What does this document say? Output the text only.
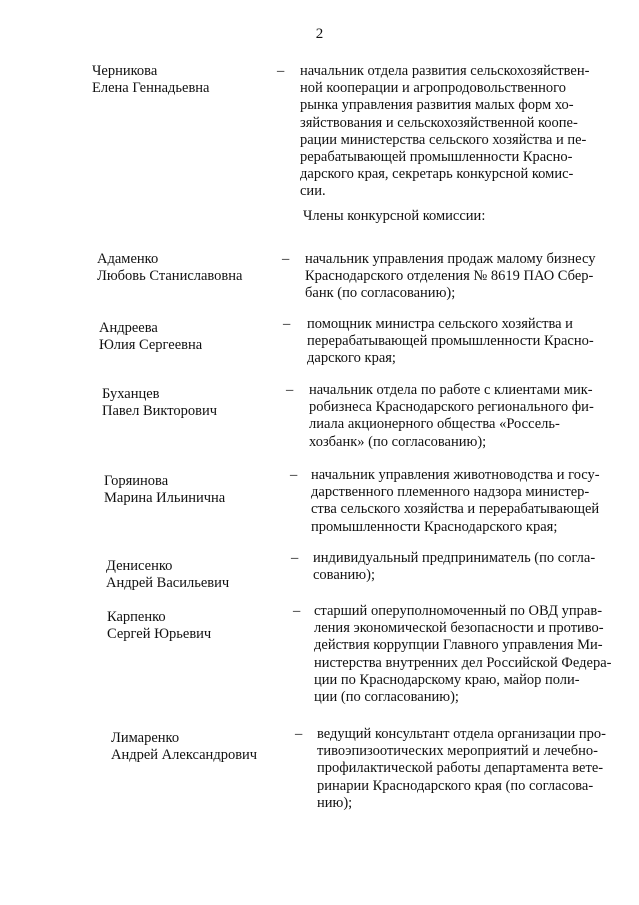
2
Черникова
Елена Геннадьевна
– начальник отдела развития сельскохозяйствен-
ной кооперации и агропродовольственного
рынка управления развития малых форм хо-
зяйствования и сельскохозяйственной коопе-
рации министерства сельского хозяйства и пе-
рерабатывающей промышленности Красно-
дарского края, секретарь конкурсной комис-
сии.
Члены конкурсной комиссии:
Адаменко
Любовь Станиславовна
– начальник управления продаж малому бизнесу
Краснодарского отделения № 8619 ПАО Сбер-
банк (по согласованию);
Андреева
Юлия Сергеевна
– помощник министра сельского хозяйства и
перерабатывающей промышленности Красно-
дарского края;
Буханцев
Павел Викторович
– начальник отдела по работе с клиентами мик-
робизнеса Краснодарского регионального фи-
лиала акционерного общества «Россель-
хозбанк» (по согласованию);
Горяинова
Марина Ильинична
– начальник управления животноводства и госу-
дарственного племенного надзора министер-
ства сельского хозяйства и перерабатывающей
промышленности Краснодарского края;
Денисенко
Андрей Васильевич
– индивидуальный предприниматель (по согла-
сованию);
Карпенко
Сергей Юрьевич
– старший оперуполномоченный по ОВД управ-
ления экономической безопасности и противо-
действия коррупции Главного управления Ми-
нистерства внутренних дел Российской Федера-
ции по Краснодарскому краю, майор поли-
ции (по согласованию);
Лимаренко
Андрей Александрович
– ведущий консультант отдела организации про-
тивоэпизоотических мероприятий и лечебно-
профилактической работы департамента вете-
ринарии Краснодарского края (по согласова-
нию);
